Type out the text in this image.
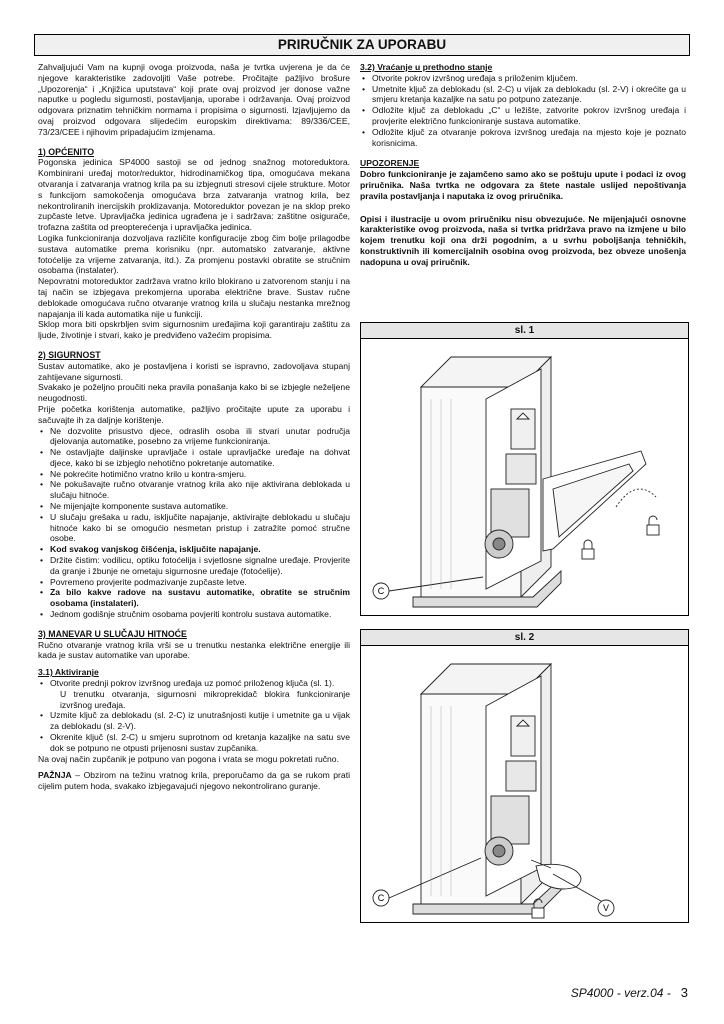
PRIRUČNIK ZA UPORABU

Zahvaljujući Vam na kupnji ovoga proizvoda, naša je tvrtka uvjerena je da će njegove karakteristike zadovoljiti Vaše potrebe. Pročitajte pažljivo brošure „Upozorenja“ i „Knjižica uputstava“ koji prate ovaj proizvod jer donose važne naputke u pogledu sigurnosti, postavljanja, uporabe i održavanja. Ovaj proizvod odgovara priznatim tehničkim normama i propisima o sigurnosti. Izjavljujemo da ovaj proizvod odgovara slijedećim europskim direktivama: 89/336/CEE, 73/23/CEE i njihovim pripadajućim izmjenama.

1) OPĆENITO

Pogonska jedinica SP4000 sastoji se od jednog snažnog motoreduktora. Kombinirani uređaj motor/reduktor, hidrodinamičkog tipa, omogućava mekana otvaranja i zatvaranja vratnog krila pa su izbjegnuti stresovi cijele strukture. Motor s funkcijom samokočenja omogućava brza zatvaranja vratnog krila, bez nekontroliranih inercijskih proklizavanja. Motoreduktor povezan je na sklop preko zupčaste letve. Upravljačka jedinica ugrađena je i sadržava: zaštitne osigurače, trofazna zaštita od preopterećenja i upravljačka jedinica.

Logika funkcioniranja dozvoljava različite konfiguracije zbog čim bolje prilagodbe sustava automatike prema korisniku (npr. automatsko zatvaranje, aktivne fotoćelije za vrijeme zatvaranja, itd.). Za promjenu postavki obratite se stručnim osobama (instalater).

Nepovratni motoreduktor zadržava vratno krilo blokirano u zatvorenom stanju i na taj način se izbjegava prekomjerna uporaba električne brave. Sustav ručne deblokade omogućava ručno otvaranje vratnog krila u slučaju nestanka mrežnog napajanja ili kada automatika nije u funkciji.

Sklop mora biti opskrbljen svim sigurnosnim uređajima koji garantiraju zaštitu za ljude, životinje i stvari, kako je predviđeno važećim propisima.

2) SIGURNOST

Sustav automatike, ako je postavljena i koristi se ispravno, zadovoljava stupanj zahtijevane sigurnosti.

Svakako je poželjno proučiti neka pravila ponašanja kako bi se izbjegle neželjene neugodnosti.

Prije početka korištenja automatike, pažljivo pročitajte upute za uporabu i sačuvajte ih za daljnje korištenje.

• Ne dozvolite prisustvo djece, odraslih osoba ili stvari unutar područja djelovanja automatike, posebno za vrijeme funkcioniranja.
• Ne ostavljajte daljinske upravljače i ostale upravljačke uređaje na dohvat djece, kako bi se izbjeglo nehotično pokretanje automatike.
• Ne pokrećite hotimično vratno krilo u kontra-smjeru.
• Ne pokušavajte ručno otvaranje vratnog krila ako nije aktivirana deblokada u slučaju hitnoće.
• Ne mijenjajte komponente sustava automatike.
• U slučaju grešaka u radu, isključite napajanje, aktivirajte deblokadu u slučaju hitnoće kako bi se omogućio nesmetan pristup i zatražite pomoć stručne osobe.
• Kod svakog vanjskog čišćenja, isključite napajanje.
• Držite čistim: vodilicu, optiku fotoćelija i svjetlosne signalne uređaje. Provjerite da granje i žbunje ne ometaju sigurnosne uređaje (fotoćelije).
• Povremeno provjerite podmazivanje zupčaste letve.
• Za bilo kakve radove na sustavu automatike, obratite se stručnim osobama (instalateri).
• Jednom godišnje stručnim osobama povjeriti kontrolu sustava automatike.
3) MANEVAR U SLUČAJU HITNOĆE

Ručno otvaranje vratnog krila vrši se u trenutku nestanka električne energije ili kada je sustav automatike van uporabe.

3.1) Aktiviranje
• Otvorite prednji pokrov izvršnog uređaja uz pomoć priloženog ključa (sl. 1).
U trenutku otvaranja, sigurnosni mikroprekidač blokira funkcioniranje izvršnog uređaja.
• Uzmite ključ za deblokadu (sl. 2-C) iz unutrašnjosti kutije i umetnite ga u vijak za deblokadu (sl. 2-V).
• Okrenite ključ (sl. 2-C) u smjeru suprotnom od kretanja kazaljke na satu sve dok se potpuno ne otpusti prijenosni sustav zupčanika.

Na ovaj način zupčanik je potpuno van pogona i vrata se mogu pokretati ručno.

PAŽNJA – Obzirom na težinu vratnog krila, preporučamo da ga se rukom prati cijelim putem hoda, svakako izbjegavajući njegovo nekontrolirano guranje.

3.2) Vraćanje u prethodno stanje
• Otvorite pokrov izvršnog uređaja s priloženim ključem.
• Umetnite ključ za deblokadu (sl. 2-C) u vijak za deblokadu (sl. 2-V) i okrećite ga u smjeru kretanja kazaljke na satu po potpuno zatezanje.
• Odložite ključ za deblokadu „C“ u ležište, zatvorite pokrov izvršnog uređaja i provjerite električno funkcioniranje sustava automatike.
• Odložite ključ za otvaranje pokrova izvršnog uređaja na mjesto koje je poznato korisnicima.

UPOZORENJE

Dobro funkcioniranje je zajamčeno samo ako se poštuju upute i podaci iz ovog priručnika. Naša tvrtka ne odgovara za štete nastale uslijed nepoštivanja pravila postavljanja i naputaka iz ovog priručnika.

Opisi i ilustracije u ovom priručniku nisu obvezujuće. Ne mijenjajući osnovne karakteristike ovog proizvoda, naša si tvrtka pridržava pravo na izmjene u bilo kojem trenutku koji ona drži pogodnim, a u svrhu poboljšanja tehničkih, konstruktivnih ili komercijalnih osobina ovog proizvoda, bez obveze unošenja nadopuna u ovaj priručnik.

sl. 1
C
sl. 2
C
V
SP4000 - verz.04 - 3
